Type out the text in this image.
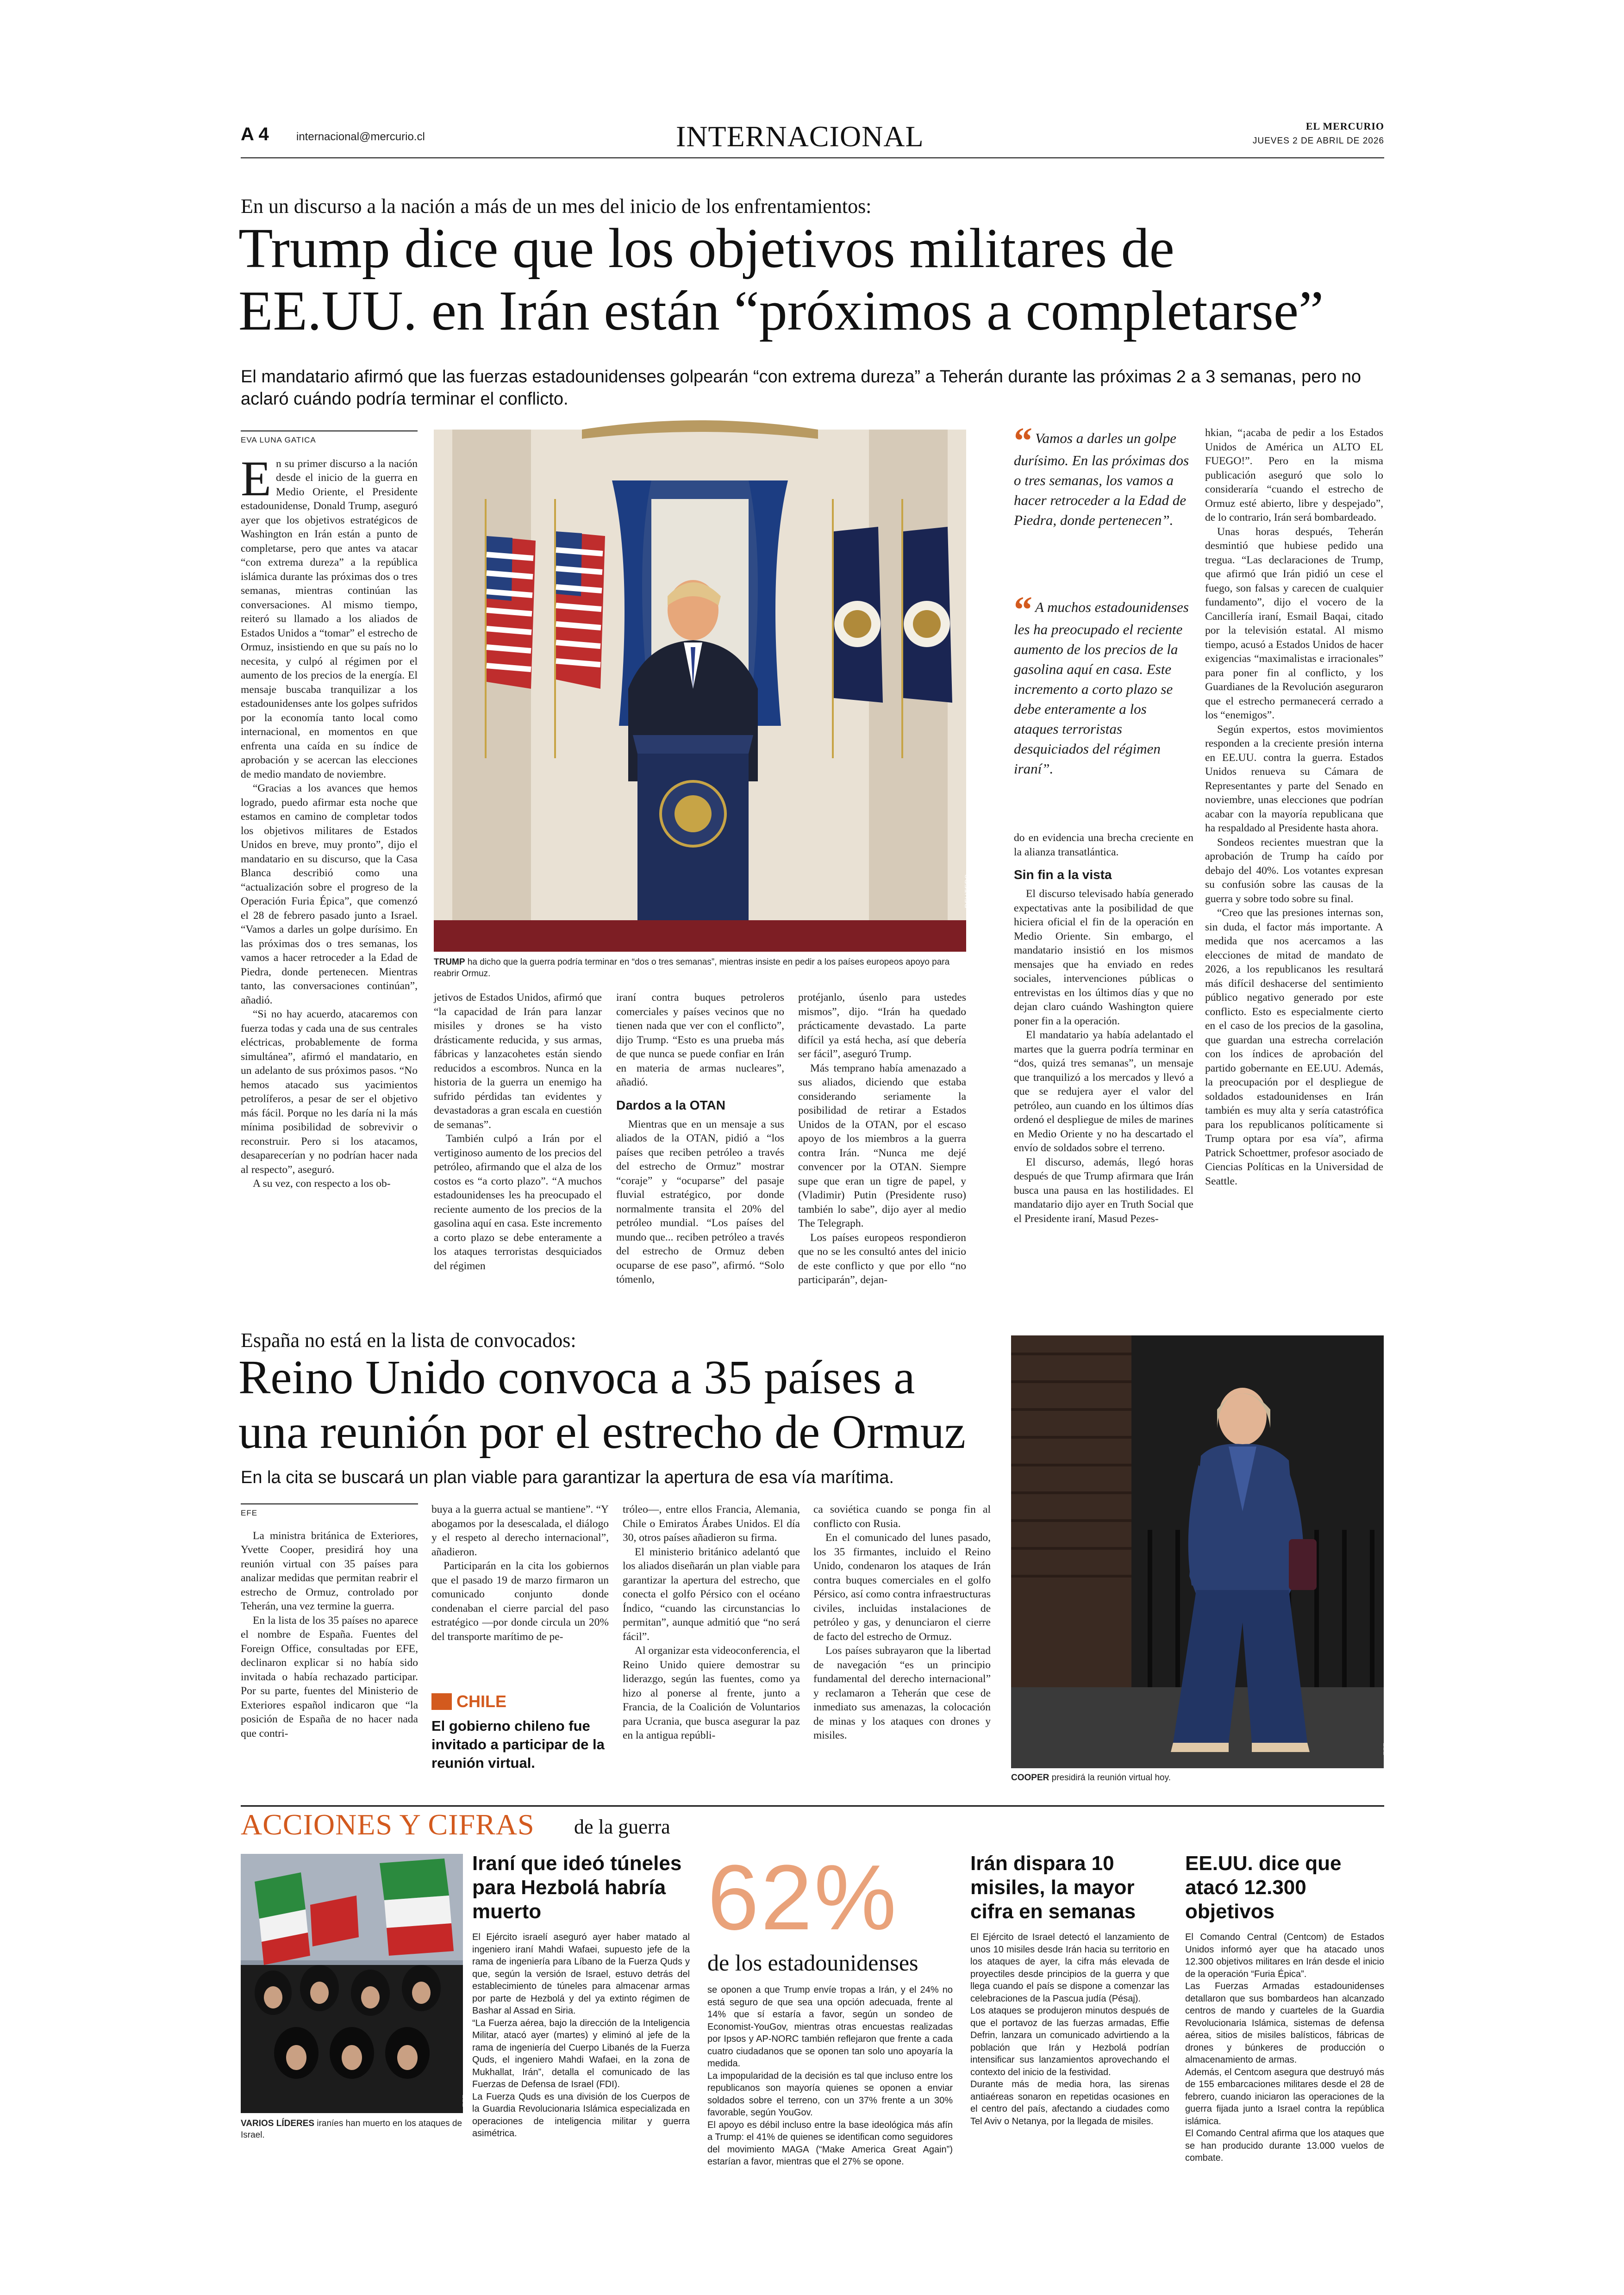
A 4 internacional@mercurio.cl	INTERNACIONAL	EL MERCURIO
JUEVES 2 DE ABRIL DE 2026
En un discurso a la nación a más de un mes del inicio de los enfrentamientos:
Trump dice que los objetivos militares de
EE.UU. en Irán están “próximos a completarse”
El mandatario afirmó que las fuerzas estadounidenses golpearán “con extrema dureza” a Teherán durante las próximas 2 a 3 semanas, pero no aclaró cuándo podría terminar el conflicto.
EVA LUNA GATICA

En su primer discurso a la nación desde el inicio de la guerra en Medio Oriente, el Presidente estadounidense, Donald Trump, aseguró ayer que los objetivos estratégicos de Washington en Irán están a punto de completarse, pero que antes va atacar “con extrema dureza” a la república islámica durante las próximas dos o tres semanas, mientras continúan las conversaciones. Al mismo tiempo, reiteró su llamado a los aliados de Estados Unidos a “tomar” el estrecho de Ormuz, insistiendo en que su país no lo necesita, y culpó al régimen por el aumento de los precios de la energía. El mensaje buscaba tranquilizar a los estadounidenses ante los golpes sufridos por la economía tanto local como internacional, en momentos en que enfrenta una caída en su índice de aprobación y se acercan las elecciones de medio mandato de noviembre.

“Gracias a los avances que hemos logrado, puedo afirmar esta noche que estamos en camino de completar todos los objetivos militares de Estados Unidos en breve, muy pronto”, dijo el mandatario en su discurso, que la Casa Blanca describió como una “actualización sobre el progreso de la Operación Furia Épica”, que comenzó el 28 de febrero pasado junto a Israel. “Vamos a darles un golpe durísimo. En las próximas dos o tres semanas, los vamos a hacer retroceder a la Edad de Piedra, donde pertenecen. Mientras tanto, las conversaciones continúan”, añadió.

“Si no hay acuerdo, atacaremos con fuerza todas y cada una de sus centrales eléctricas, probablemente de forma simultánea”, afirmó el mandatario, en un adelanto de sus próximos pasos. “No hemos atacado sus yacimientos petrolíferos, a pesar de ser el objetivo más fácil. Porque no les daría ni la más mínima posibilidad de sobrevivir o reconstruir. Pero si los atacamos, desaparecerían y no podrían hacer nada al respecto”, aseguró.

A su vez, con respecto a los ob-

REUTERS
TRUMP ha dicho que la guerra podría terminar en “dos o tres semanas”, mientras insiste en pedir a los países europeos apoyo para reabrir Ormuz.

jetivos de Estados Unidos, afirmó que “la capacidad de Irán para lanzar misiles y drones se ha visto drásticamente reducida, y sus armas, fábricas y lanzacohetes están siendo reducidos a escombros. Nunca en la historia de la guerra un enemigo ha sufrido pérdidas tan evidentes y devastadoras a gran escala en cuestión de semanas”.

También culpó a Irán por el vertiginoso aumento de los precios del petróleo, afirmando que el alza de los costos es “a corto plazo”. “A muchos estadounidenses les ha preocupado el reciente aumento de los precios de la gasolina aquí en casa. Este incremento a corto plazo se debe enteramente a los ataques terroristas desquiciados del régimen

iraní contra buques petroleros comerciales y países vecinos que no tienen nada que ver con el conflicto”, dijo Trump. “Esto es una prueba más de que nunca se puede confiar en Irán en materia de armas nucleares”, añadió.

Dardos a la OTAN

Mientras que en un mensaje a sus aliados de la OTAN, pidió a “los países que reciben petróleo a través del estrecho de Ormuz” mostrar “coraje” y “ocuparse” del pasaje fluvial estratégico, por donde normalmente transita el 20% del petróleo mundial. “Los países del mundo que... reciben petróleo a través del estrecho de Ormuz deben ocuparse de ese paso”, afirmó. “Solo tómenlo,

protéjanlo, úsenlo para ustedes mismos”, dijo. “Irán ha quedado prácticamente devastado. La parte difícil ya está hecha, así que debería ser fácil”, aseguró Trump.

Más temprano había amenazado a sus aliados, diciendo que estaba considerando seriamente la posibilidad de retirar a Estados Unidos de la OTAN, por el escaso apoyo de los miembros a la guerra contra Irán. “Nunca me dejé convencer por la OTAN. Siempre supe que eran un tigre de papel, y (Vladimir) Putin (Presidente ruso) también lo sabe”, dijo ayer al medio The Telegraph.

Los países europeos respondieron que no se les consultó antes del inicio de este conflicto y que por ello “no participarán”, dejan-

“ Vamos a darles un golpe durísimo. En las próximas dos o tres semanas, los vamos a hacer retroceder a la Edad de Piedra, donde pertenecen”.
“ A muchos estadounidenses les ha preocupado el reciente aumento de los precios de la gasolina aquí en casa. Este incremento a corto plazo se debe enteramente a los ataques terroristas desquiciados del régimen iraní”.

do en evidencia una brecha creciente en la alianza transatlántica.

Sin fin a la vista

El discurso televisado había generado expectativas ante la posibilidad de que hiciera oficial el fin de la operación en Medio Oriente. Sin embargo, el mandatario insistió en los mismos mensajes que ha enviado en redes sociales, intervenciones públicas o entrevistas en los últimos días y que no dejan claro cuándo Washington quiere poner fin a la operación.

El mandatario ya había adelantado el martes que la guerra podría terminar en “dos, quizá tres semanas”, un mensaje que tranquilizó a los mercados y llevó a que se redujera ayer el valor del petróleo, aun cuando en los últimos días ordenó el despliegue de miles de marines en Medio Oriente y no ha descartado el envío de soldados sobre el terreno.

El discurso, además, llegó horas después de que Trump afirmara que Irán busca una pausa en las hostilidades. El mandatario dijo ayer en Truth Social que el Presidente iraní, Masud Pezes-

hkian, “¡acaba de pedir a los Estados Unidos de América un ALTO EL FUEGO!”. Pero en la misma publicación aseguró que solo lo consideraría “cuando el estrecho de Ormuz esté abierto, libre y despejado”, de lo contrario, Irán será bombardeado.

Unas horas después, Teherán desmintió que hubiese pedido una tregua. “Las declaraciones de Trump, que afirmó que Irán pidió un cese el fuego, son falsas y carecen de cualquier fundamento”, dijo el vocero de la Cancillería iraní, Esmail Baqai, citado por la televisión estatal. Al mismo tiempo, acusó a Estados Unidos de hacer exigencias “maximalistas e irracionales” para poner fin al conflicto, y los Guardianes de la Revolución aseguraron que el estrecho permanecerá cerrado a los “enemigos”.

Según expertos, estos movimientos responden a la creciente presión interna en EE.UU. contra la guerra. Estados Unidos renueva su Cámara de Representantes y parte del Senado en noviembre, unas elecciones que podrían acabar con la mayoría republicana que ha respaldado al Presidente hasta ahora.

Sondeos recientes muestran que la aprobación de Trump ha caído por debajo del 40%. Los votantes expresan su confusión sobre las causas de la guerra y sobre todo sobre su final.

“Creo que las presiones internas son, sin duda, el factor más importante. A medida que nos acercamos a las elecciones de mitad de mandato de 2026, a los republicanos les resultará más difícil deshacerse del sentimiento público negativo generado por este conflicto. Esto es especialmente cierto en el caso de los precios de la gasolina, que guardan una estrecha correlación con los índices de aprobación del partido gobernante en EE.UU. Además, la preocupación por el despliegue de soldados estadounidenses en Irán también es muy alta y sería catastrófica para los republicanos políticamente si Trump optara por esa vía”, afirma Patrick Schoettmer, profesor asociado de Ciencias Políticas en la Universidad de Seattle.

España no está en la lista de convocados:
Reino Unido convoca a 35 países a
una reunión por el estrecho de Ormuz
En la cita se buscará un plan viable para garantizar la apertura de esa vía marítima.
EFE

La ministra británica de Exteriores, Yvette Cooper, presidirá hoy una reunión virtual con 35 países para analizar medidas que permitan reabrir el estrecho de Ormuz, controlado por Teherán, una vez termine la guerra.

En la lista de los 35 países no aparece el nombre de España. Fuentes del Foreign Office, consultadas por EFE, declinaron explicar si no había sido invitada o había rechazado participar. Por su parte, fuentes del Ministerio de Exteriores español indicaron que “la posición de España de no hacer nada que contri-

buya a la guerra actual se mantiene”. “Y abogamos por la desescalada, el diálogo y el respeto al derecho internacional”, añadieron.

Participarán en la cita los gobiernos que el pasado 19 de marzo firmaron un comunicado conjunto donde condenaban el cierre parcial del paso estratégico —por donde circula un 20% del transporte marítimo de pe-

CHILE
El gobierno chileno fue invitado a participar de la reunión virtual.

tróleo—, entre ellos Francia, Alemania, Chile o Emiratos Árabes Unidos. El día 30, otros países añadieron su firma.

El ministerio británico adelantó que los aliados diseñarán un plan viable para garantizar la apertura del estrecho, que conecta el golfo Pérsico con el océano Índico, “cuando las circunstancias lo permitan”, aunque admitió que “no será fácil”.

Al organizar esta videoconferencia, el Reino Unido quiere demostrar su liderazgo, según las fuentes, como ya hizo al ponerse al frente, junto a Francia, de la Coalición de Voluntarios para Ucrania, que busca asegurar la paz en la antigua repúbli-

ca soviética cuando se ponga fin al conflicto con Rusia.

En el comunicado del lunes pasado, los 35 firmantes, incluido el Reino Unido, condenaron los ataques de Irán contra buques comerciales en el golfo Pérsico, así como contra infraestructuras civiles, incluidas instalaciones de petróleo y gas, y denunciaron el cierre de facto del estrecho de Ormuz.

Los países subrayaron que la libertad de navegación “es un principio fundamental del derecho internacional” y reclamaron a Teherán que cese de inmediato sus amenazas, la colocación de minas y los ataques con drones y misiles.

EFE
COOPER presidirá la reunión virtual hoy.
ACCIONES Y CIFRAS de la guerra
EFE
VARIOS LÍDERES iraníes han muerto en los ataques de Israel.
Iraní que ideó túneles para Hezbolá habría muerto

El Ejército israelí aseguró ayer haber matado al ingeniero iraní Mahdi Wafaei, supuesto jefe de la rama de ingeniería para Líbano de la Fuerza Quds y que, según la versión de Israel, estuvo detrás del establecimiento de túneles para almacenar armas por parte de Hezbolá y del ya extinto régimen de Bashar al Assad en Siria.

“La Fuerza aérea, bajo la dirección de la Inteligencia Militar, atacó ayer (martes) y eliminó al jefe de la rama de ingeniería del Cuerpo Libanés de la Fuerza Quds, el ingeniero Mahdi Wafaei, en la zona de Mukhallat, Irán”, detalla el comunicado de las Fuerzas de Defensa de Israel (FDI).

La Fuerza Quds es una división de los Cuerpos de la Guardia Revolucionaria Islámica especializada en operaciones de inteligencia militar y guerra asimétrica.

62%
de los estadounidenses

se oponen a que Trump envíe tropas a Irán, y el 24% no está seguro de que sea una opción adecuada, frente al 14% que sí estaría a favor, según un sondeo de Economist-YouGov, mientras otras encuestas realizadas por Ipsos y AP-NORC también reflejaron que frente a cada cuatro ciudadanos que se oponen tan solo uno apoyaría la medida.

La impopularidad de la decisión es tal que incluso entre los republicanos son mayoría quienes se oponen a enviar soldados sobre el terreno, con un 37% frente a un 30% favorable, según YouGov.

El apoyo es débil incluso entre la base ideológica más afín a Trump: el 41% de quienes se identifican como seguidores del movimiento MAGA (“Make America Great Again”) estarían a favor, mientras que el 27% se opone.

Irán dispara 10 misiles, la mayor cifra en semanas

El Ejército de Israel detectó el lanzamiento de unos 10 misiles desde Irán hacia su territorio en los ataques de ayer, la cifra más elevada de proyectiles desde principios de la guerra y que llega cuando el país se dispone a comenzar las celebraciones de la Pascua judía (Pésaj).

Los ataques se produjeron minutos después de que el portavoz de las fuerzas armadas, Effie Defrin, lanzara un comunicado advirtiendo a la población que Irán y Hezbolá podrían intensificar sus lanzamientos aprovechando el contexto del inicio de la festividad.

Durante más de media hora, las sirenas antiaéreas sonaron en repetidas ocasiones en el centro del país, afectando a ciudades como Tel Aviv o Netanya, por la llegada de misiles.

EE.UU. dice que atacó 12.300 objetivos

El Comando Central (Centcom) de Estados Unidos informó ayer que ha atacado unos 12.300 objetivos militares en Irán desde el inicio de la operación “Furia Épica”.

Las Fuerzas Armadas estadounidenses detallaron que sus bombardeos han alcanzado centros de mando y cuarteles de la Guardia Revolucionaria Islámica, sistemas de defensa aérea, sitios de misiles balísticos, fábricas de drones y búnkeres de producción o almacenamiento de armas.

Además, el Centcom asegura que destruyó más de 155 embarcaciones militares desde el 28 de febrero, cuando iniciaron las operaciones de la guerra fijada junto a Israel contra la república islámica.

El Comando Central afirma que los ataques que se han producido durante 13.000 vuelos de combate.
